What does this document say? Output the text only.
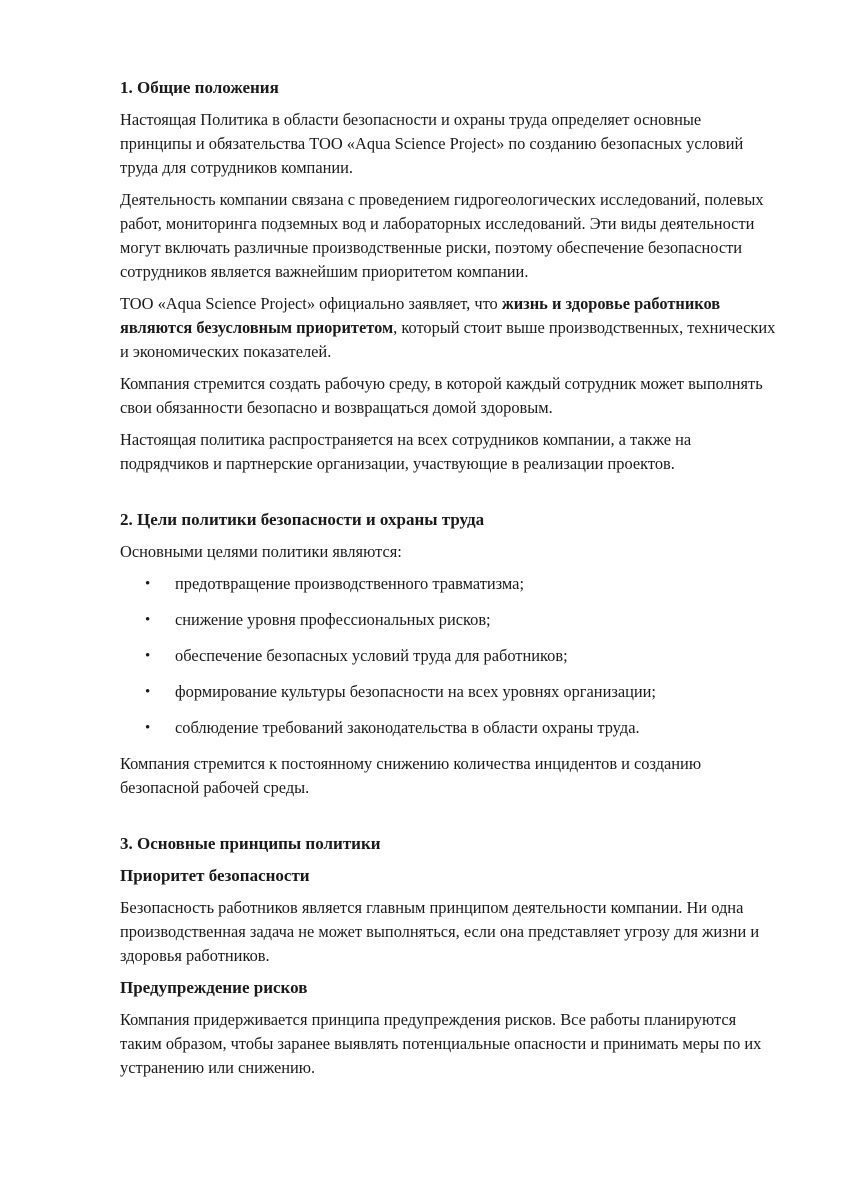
1. Общие положения

Настоящая Политика в области безопасности и охраны труда определяет основные принципы и обязательства ТОО «Aqua Science Project» по созданию безопасных условий труда для сотрудников компании.

Деятельность компании связана с проведением гидрогеологических исследований, полевых работ, мониторинга подземных вод и лабораторных исследований. Эти виды деятельности могут включать различные производственные риски, поэтому обеспечение безопасности сотрудников является важнейшим приоритетом компании.

ТОО «Aqua Science Project» официально заявляет, что жизнь и здоровье работников являются безусловным приоритетом, который стоит выше производственных, технических и экономических показателей.

Компания стремится создать рабочую среду, в которой каждый сотрудник может выполнять свои обязанности безопасно и возвращаться домой здоровым.

Настоящая политика распространяется на всех сотрудников компании, а также на подрядчиков и партнерские организации, участвующие в реализации проектов.

2. Цели политики безопасности и охраны труда

Основными целями политики являются:

• предотвращение производственного травматизма;
• снижение уровня профессиональных рисков;
• обеспечение безопасных условий труда для работников;
• формирование культуры безопасности на всех уровнях организации;
• соблюдение требований законодательства в области охраны труда.

Компания стремится к постоянному снижению количества инцидентов и созданию безопасной рабочей среды.

3. Основные принципы политики
Приоритет безопасности

Безопасность работников является главным принципом деятельности компании. Ни одна производственная задача не может выполняться, если она представляет угрозу для жизни и здоровья работников.

Предупреждение рисков

Компания придерживается принципа предупреждения рисков. Все работы планируются таким образом, чтобы заранее выявлять потенциальные опасности и принимать меры по их устранению или снижению.
